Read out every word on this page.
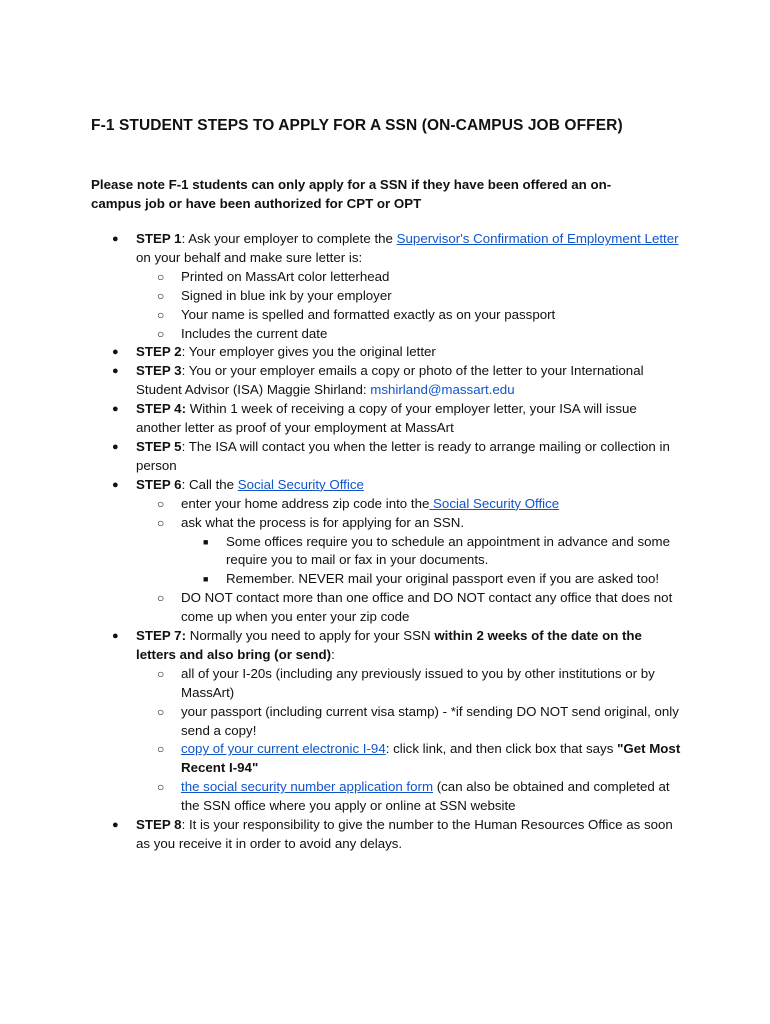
F-1 STUDENT STEPS TO APPLY FOR A SSN (ON-CAMPUS JOB OFFER)
Please note F-1 students can only apply for a SSN if they have been offered an on-campus job or have been authorized for CPT or OPT
● STEP 1: Ask your employer to complete the Supervisor's Confirmation of Employment Letter on your behalf and make sure letter is:
○ Printed on MassArt color letterhead
○ Signed in blue ink by your employer
○ Your name is spelled and formatted exactly as on your passport
○ Includes the current date
● STEP 2: Your employer gives you the original letter
● STEP 3: You or your employer emails a copy or photo of the letter to your International Student Advisor (ISA) Maggie Shirland: mshirland@massart.edu
● STEP 4: Within 1 week of receiving a copy of your employer letter, your ISA will issue another letter as proof of your employment at MassArt
● STEP 5: The ISA will contact you when the letter is ready to arrange mailing or collection in person
● STEP 6: Call the Social Security Office
○ enter your home address zip code into the Social Security Office
○ ask what the process is for applying for an SSN.
■ Some offices require you to schedule an appointment in advance and some require you to mail or fax in your documents.
■ Remember. NEVER mail your original passport even if you are asked too!
○ DO NOT contact more than one office and DO NOT contact any office that does not come up when you enter your zip code
● STEP 7: Normally you need to apply for your SSN within 2 weeks of the date on the letters and also bring (or send):
○ all of your I-20s (including any previously issued to you by other institutions or by MassArt)
○ your passport (including current visa stamp) - *if sending DO NOT send original, only send a copy!
○ copy of your current electronic I-94: click link, and then click box that says "Get Most Recent I-94"
○ the social security number application form (can also be obtained and completed at the SSN office where you apply or online at SSN website
● STEP 8: It is your responsibility to give the number to the Human Resources Office as soon as you receive it in order to avoid any delays.
